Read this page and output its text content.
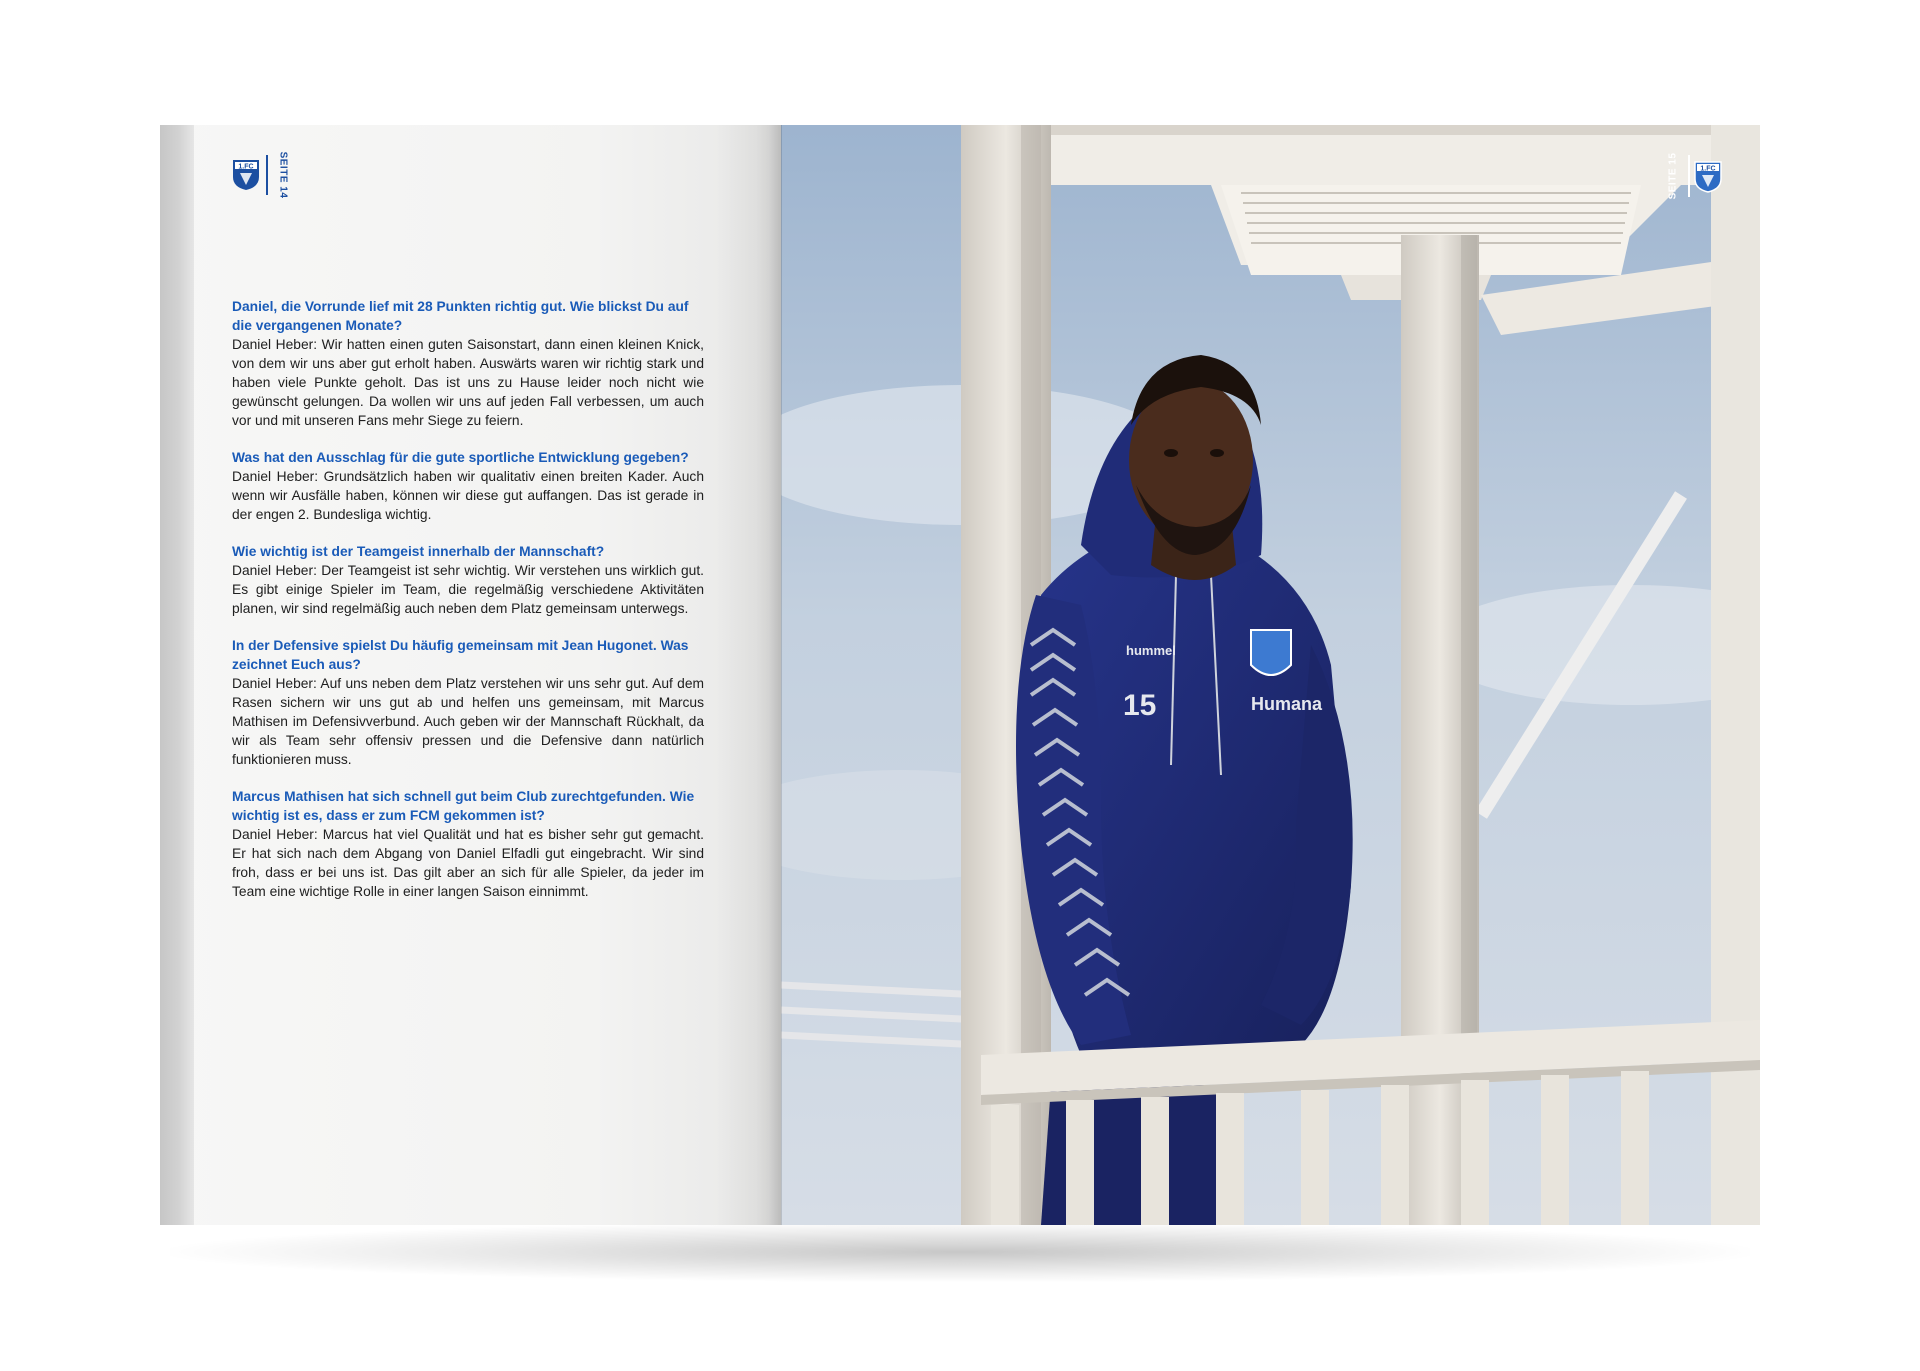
1.FC SEITE 14
Daniel, die Vorrunde lief mit 28 Punkten richtig gut. Wie blickst Du auf die vergangenen Monate?
Daniel Heber: Wir hatten einen guten Saisonstart, dann einen kleinen Knick, von dem wir uns aber gut erholt haben. Auswärts waren wir richtig stark und haben viele Punkte geholt. Das ist uns zu Hause leider noch nicht wie gewünscht gelungen. Da wollen wir uns auf jeden Fall verbessen, um auch vor und mit unseren Fans mehr Siege zu feiern.
Was hat den Ausschlag für die gute sportliche Entwicklung gegeben?
Daniel Heber: Grundsätzlich haben wir qualitativ einen breiten Kader. Auch wenn wir Ausfälle haben, können wir diese gut auffangen. Das ist gerade in der engen 2. Bundesliga wichtig.
Wie wichtig ist der Teamgeist innerhalb der Mannschaft?
Daniel Heber: Der Teamgeist ist sehr wichtig. Wir verstehen uns wirklich gut. Es gibt einige Spieler im Team, die regelmäßig verschiedene Aktivitäten planen, wir sind regelmäßig auch neben dem Platz gemeinsam unterwegs.
In der Defensive spielst Du häufig gemeinsam mit Jean Hugonet. Was zeichnet Euch aus?
Daniel Heber: Auf uns neben dem Platz verstehen wir uns sehr gut. Auf dem Rasen sichern wir uns gut ab und helfen uns gemeinsam, mit Marcus Mathisen im Defensivverbund. Auch geben wir der Mannschaft Rückhalt, da wir als Team sehr offensiv pressen und die Defensive dann natürlich funktionieren muss.
Marcus Mathisen hat sich schnell gut beim Club zurechtgefunden. Wie wichtig ist es, dass er zum FCM gekommen ist?
Daniel Heber: Marcus hat viel Qualität und hat es bisher sehr gut gemacht. Er hat sich nach dem Abgang von Daniel Elfadli gut eingebracht. Wir sind froh, dass er bei uns ist. Das gilt aber an sich für alle Spieler, da jeder im Team eine wichtige Rolle in einer langen Saison einnimmt.
hummel
15	Humana
SEITE 15	1.FC
